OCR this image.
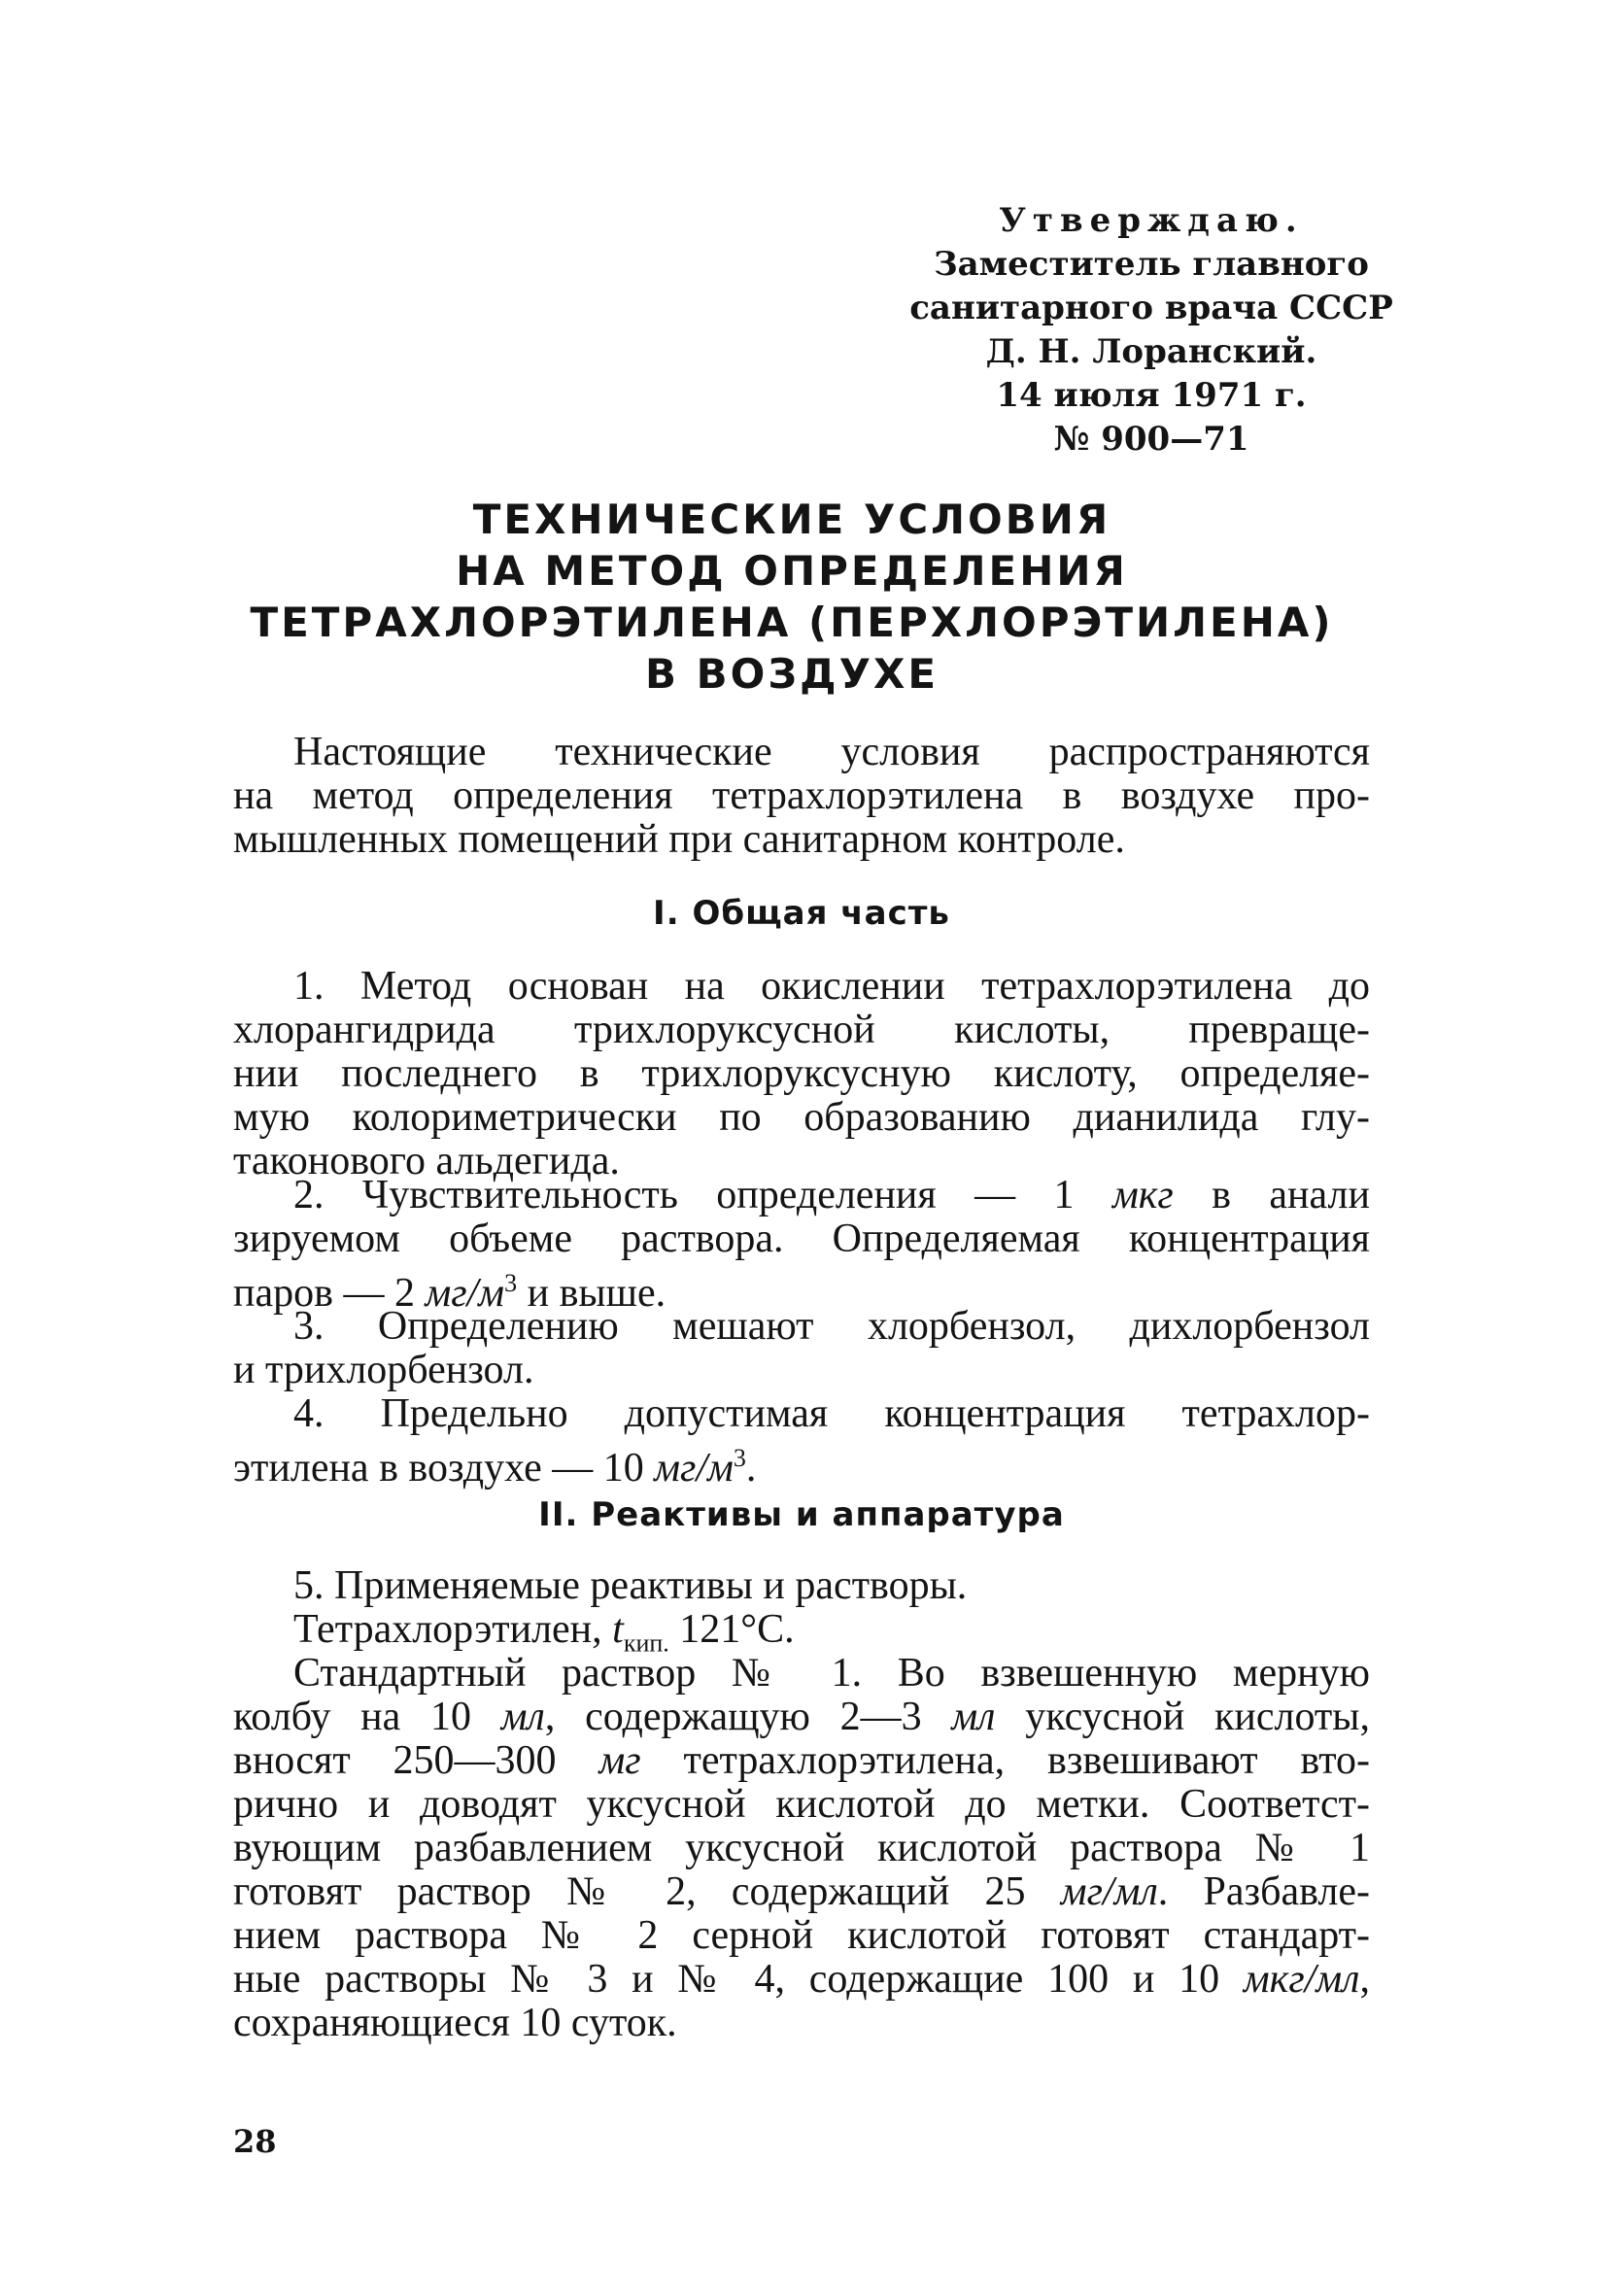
Утверждаю.
Заместитель главного
санитарного врача СССР
Д. Н. Лоранский.
14 июля 1971 г.
№ 900—71
ТЕХНИЧЕСКИЕ УСЛОВИЯ
НА МЕТОД ОПРЕДЕЛЕНИЯ
ТЕТРАХЛОРЭТИЛЕНА (ПЕРХЛОРЭТИЛЕНА)
В ВОЗДУХЕ
Настоящие технические условия распространяются
на метод определения тетрахлорэтилена в воздухе про-
мышленных помещений при санитарном контроле.
I. Общая часть
1. Метод основан на окислении тетрахлорэтилена до
хлорангидрида трихлоруксусной кислоты, превраще-
нии последнего в трихлоруксусную кислоту, определяе-
мую колориметрически по образованию дианилида глу-
таконового альдегида.
2. Чувствительность определения — 1 мкг в анали
зируемом объеме раствора. Определяемая концентрация
паров — 2 $мг/м^3$ и выше.
3. Определению мешают хлорбензол, дихлорбензол
и трихлорбензол.
4. Предельно допустимая концентрация тетрахлор-
этилена в воздухе — 10 $мг/м^3$.
II. Реактивы и аппаратура
5. Применяемые реактивы и растворы.
Тетрахлорэтилен, $t_{кип.}$ 121°C.
Стандартный раствор № 1. Во взвешенную мерную
колбу на 10 мл, содержащую 2—3 мл уксусной кислоты,
вносят 250—300 мг тетрахлорэтилена, взвешивают вто-
рично и доводят уксусной кислотой до метки. Соответст-
вующим разбавлением уксусной кислотой раствора № 1
готовят раствор № 2, содержащий 25 мг/мл. Разбавле-
нием раствора № 2 серной кислотой готовят стандарт-
ные растворы № 3 и № 4, содержащие 100 и 10 мкг/мл,
сохраняющиеся 10 суток.
28
